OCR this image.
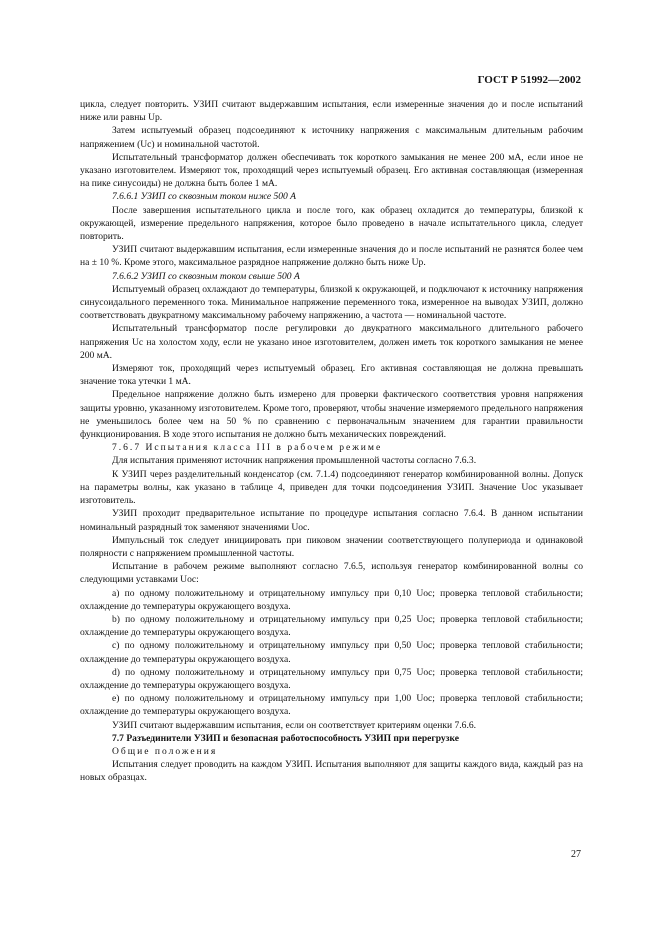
ГОСТ Р 51992—2002

цикла, следует повторить. УЗИП считают выдержавшим испытания, если измеренные значения до и после испытаний ниже или равны Up.

Затем испытуемый образец подсоединяют к источнику напряжения с максимальным длительным рабочим напряжением (Uc) и номинальной частотой.

Испытательный трансформатор должен обеспечивать ток короткого замыкания не менее 200 мА, если иное не указано изготовителем. Измеряют ток, проходящий через испытуемый образец. Его активная составляющая (измеренная на пике синусоиды) не должна быть более 1 мА.

7.6.6.1 УЗИП со сквозным током ниже 500 А

После завершения испытательного цикла и после того, как образец охладится до температуры, близкой к окружающей, измерение предельного напряжения, которое было проведено в начале испытательного цикла, следует повторить.

УЗИП считают выдержавшим испытания, если измеренные значения до и после испытаний не разнятся более чем на ± 10 %. Кроме этого, максимальное разрядное напряжение должно быть ниже Up.

7.6.6.2 УЗИП со сквозным током свыше 500 А

Испытуемый образец охлаждают до температуры, близкой к окружающей, и подключают к источнику напряжения синусоидального переменного тока. Минимальное напряжение переменного тока, измеренное на выводах УЗИП, должно соответствовать двукратному максимальному рабочему напряжению, а частота — номинальной частоте.

Испытательный трансформатор после регулировки до двукратного максимального длительного рабочего напряжения Uc на холостом ходу, если не указано иное изготовителем, должен иметь ток короткого замыкания не менее 200 мА.

Измеряют ток, проходящий через испытуемый образец. Его активная составляющая не должна превышать значение тока утечки 1 мА.

Предельное напряжение должно быть измерено для проверки фактического соответствия уровня напряжения защиты уровню, указанному изготовителем. Кроме того, проверяют, чтобы значение измеряемого предельного напряжения не уменьшилось более чем на 50 % по сравнению с первоначальным значением для гарантии правильности функционирования. В ходе этого испытания не должно быть механических повреждений.

7.6.7 Испытания класса III в рабочем режиме

Для испытания применяют источник напряжения промышленной частоты согласно 7.6.3.

К УЗИП через разделительный конденсатор (см. 7.1.4) подсоединяют генератор комбинированной волны. Допуск на параметры волны, как указано в таблице 4, приведен для точки подсоединения УЗИП. Значение Uoc указывает изготовитель.

УЗИП проходит предварительное испытание по процедуре испытания согласно 7.6.4. В данном испытании номинальный разрядный ток заменяют значениями Uoc.

Импульсный ток следует инициировать при пиковом значении соответствующего полупериода и одинаковой полярности с напряжением промышленной частоты.

Испытание в рабочем режиме выполняют согласно 7.6.5, используя генератор комбинированной волны со следующими уставками Uoc:

a) по одному положительному и отрицательному импульсу при 0,10 Uoc; проверка тепловой стабильности; охлаждение до температуры окружающего воздуха.

b) по одному положительному и отрицательному импульсу при 0,25 Uoc; проверка тепловой стабильности; охлаждение до температуры окружающего воздуха.

c) по одному положительному и отрицательному импульсу при 0,50 Uoc; проверка тепловой стабильности; охлаждение до температуры окружающего воздуха.

d) по одному положительному и отрицательному импульсу при 0,75 Uoc; проверка тепловой стабильности; охлаждение до температуры окружающего воздуха.

e) по одному положительному и отрицательному импульсу при 1,00 Uoc; проверка тепловой стабильности; охлаждение до температуры окружающего воздуха.

УЗИП считают выдержавшим испытания, если он соответствует критериям оценки 7.6.6.

7.7 Разъединители УЗИП и безопасная работоспособность УЗИП при перегрузке

Общие положения

Испытания следует проводить на каждом УЗИП. Испытания выполняют для защиты каждого вида, каждый раз на новых образцах.

27
